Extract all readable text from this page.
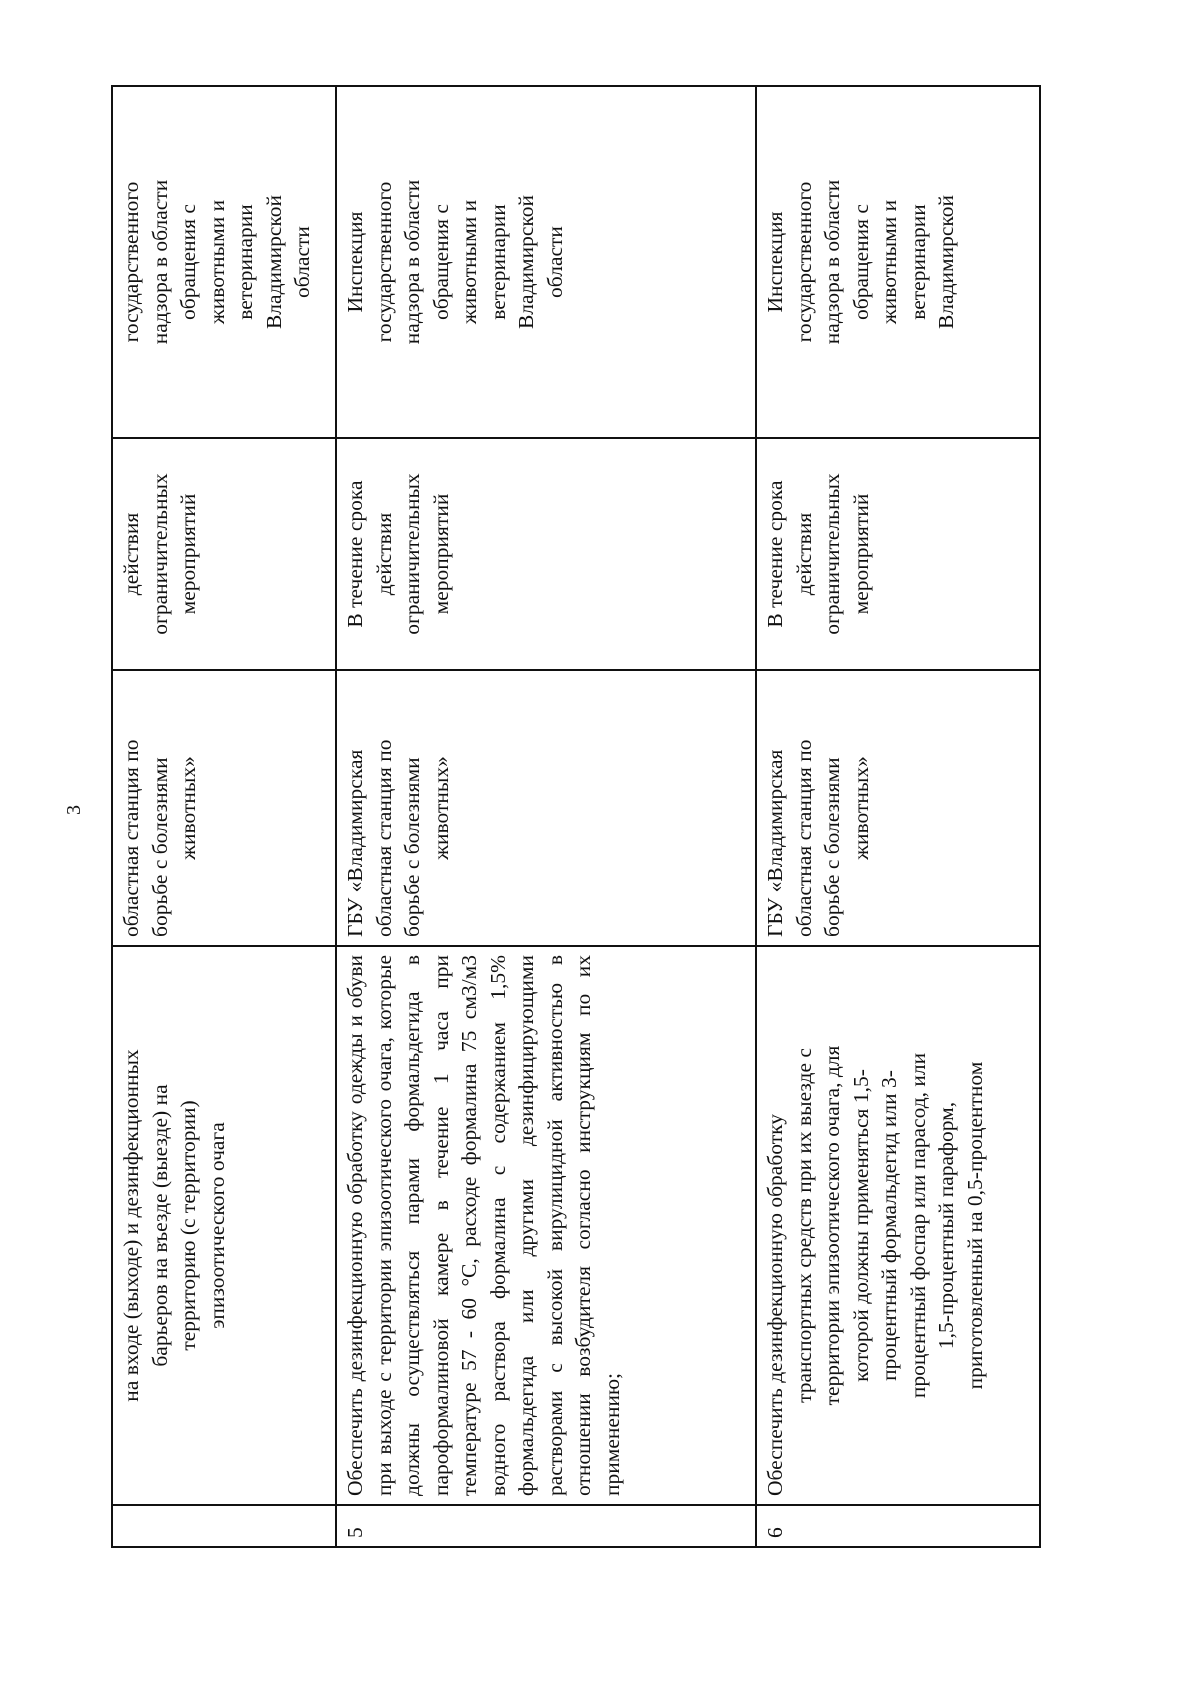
3
на входе (выходе) и дезинфекционных барьеров на въезде (выезде) на территорию (с территории) эпизоотического очага
областная станция по борьбе с болезнями животных»
действия ограничительных мероприятий
государственного надзора в области обращения с животными и ветеринарии Владимирской области
5
Обеспечить дезинфекционную обработку одежды и обуви при выходе с территории эпизоотического очага, которые должны осуществляться парами формальдегида в пароформалиновой камере в течение 1 часа при температуре 57 - 60 °С, расходе формалина 75 см3/м3 водного раствора формалина с содержанием 1,5% формальдегида или другими дезинфицирующими растворами с высокой вирулицидной активностью в отношении возбудителя согласно инструкциям по их применению;
ГБУ «Владимирская областная станция по борьбе с болезнями животных»
В течение срока действия ограничительных мероприятий
Инспекция государственного надзора в области обращения с животными и ветеринарии Владимирской области
6
Обеспечить дезинфекционную обработку транспортных средств при их выезде с территории эпизоотического очага, для которой должны применяться 1,5- процентный формальдегид или 3- процентный фоспар или парасод, или 1,5-процентный параформ, приготовленный на 0,5-процентном
ГБУ «Владимирская областная станция по борьбе с болезнями животных»
В течение срока действия ограничительных мероприятий
Инспекция государственного надзора в области обращения с животными и ветеринарии Владимирской
